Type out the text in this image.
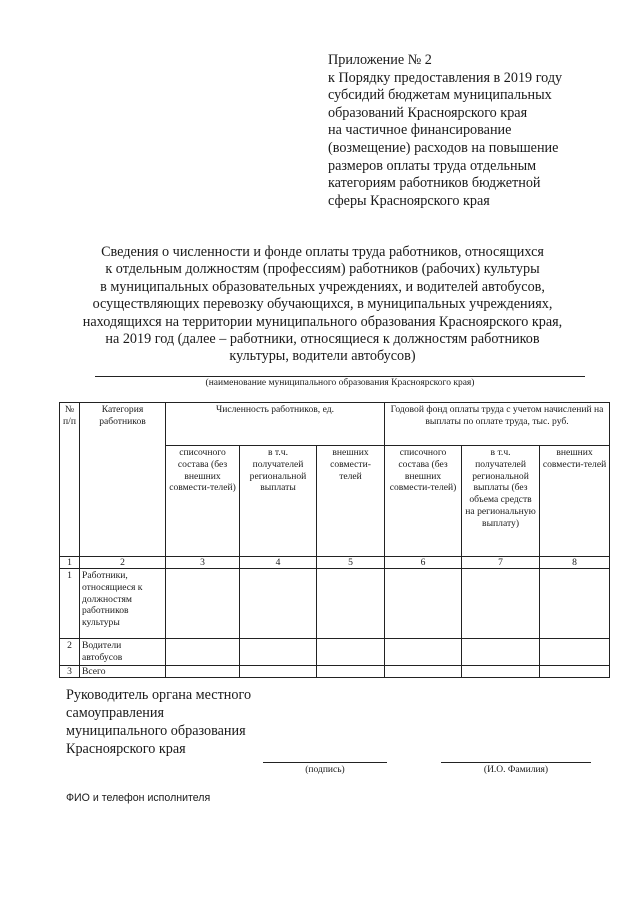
Приложение № 2
к Порядку предоставления в 2019 году
субсидий бюджетам муниципальных
образований Красноярского края
на частичное финансирование
(возмещение) расходов на повышение
размеров оплаты труда отдельным
категориям работников бюджетной
сферы Красноярского края
Сведения о численности и фонде оплаты труда работников, относящихся
к отдельным должностям (профессиям) работников (рабочих) культуры
в муниципальных образовательных учреждениях, и водителей автобусов,
осуществляющих перевозку обучающихся, в муниципальных учреждениях,
находящихся на территории муниципального образования Красноярского края,
на 2019 год (далее – работники, относящиеся к должностям работников
культуры, водители автобусов)
(наименование муниципального образования Красноярского края)
№ п/п	Категория работников	Численность работников, ед.			Годовой фонд оплаты труда с учетом начислений на выплаты по оплате труда, тыс. руб.		
		списочного состава (без внешних совмести-телей)	в т.ч. получателей региональной выплаты	внешних совмести-телей	списочного состава (без внешних совмести-телей)	в т.ч. получателей региональной выплаты (без объема средств на региональную выплату)	внешних совмести-телей
1	2	3	4	5	6	7	8
1	Работники, относящиеся к должностям работников культуры						
2	Водители автобусов						
3	Всего						
Руководитель органа местного
самоуправления
муниципального образования
Красноярского края
(подпись)	(И.О. Фамилия)
ФИО и телефон исполнителя
